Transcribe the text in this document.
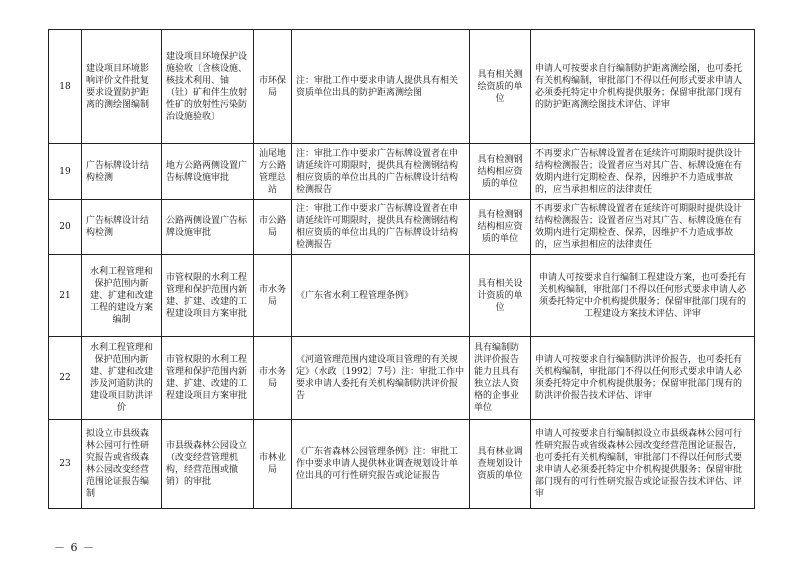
18	建设项目环境影响评价文件批复要求设置防护距离的测绘图编制	建设项目环境保护设施验收〔含核设施、核技术利用、铀（钍）矿和伴生放射性矿的放射性污染防治设施验收〕	市环保局	注：审批工作中要求申请人提供具有相关资质单位出具的防护距离测绘图	具有相关测绘资质的单位	申请人可按要求自行编制防护距离测绘图，也可委托有关机构编制，审批部门不得以任何形式要求申请人必须委托特定中介机构提供服务；保留审批部门现有的防护距离测绘图技术评估、评审
19	广告标牌设计结构检测	地方公路两侧设置广告标牌设施审批	汕尾地方公路管理总站	注：审批工作中要求广告标牌设置者在申请延续许可期限时，提供具有检测钢结构相应资质的单位出具的广告标牌设计结构检测报告	具有检测钢结构相应资质的单位	不再要求广告标牌设置者在延续许可期限时提供设计结构检测报告；设置者应当对其广告、标牌设施在有效期内进行定期检查、保养，因维护不力造成事故的，应当承担相应的法律责任
20	广告标牌设计结构检测	公路两侧设置广告标牌设施审批	市公路局	注：审批工作中要求广告标牌设置者在申请延续许可期限时，提供具有检测钢结构相应资质的单位出具的广告标牌设计结构检测报告	具有检测钢结构相应资质的单位	不再要求广告标牌设置者在延续许可期限时提供设计结构检测报告；设置者应当对其广告、标牌设施在有效期内进行定期检查、保养，因维护不力造成事故的，应当承担相应的法律责任
21	水利工程管理和保护范围内新建、扩建和改建工程的建设方案编制	市管权限的水利工程管理和保护范围内新建、扩建、改建的工程建设项目方案审批	市水务局	《广东省水利工程管理条例》	具有相关设计资质的单位	申请人可按要求自行编制工程建设方案，也可委托有关机构编制，审批部门不得以任何形式要求申请人必须委托特定中介机构提供服务；保留审批部门现有的工程建设方案技术评估、评审
22	水利工程管理和保护范围内新建、扩建和改建涉及河道防洪的建设项目防洪评价	市管权限的水利工程管理和保护范围内新建、扩建、改建的工程建设项目方案审批	市水务局	《河道管理范围内建设项目管理的有关规定》（水政〔1992〕7号）注：审批工作中要求申请人委托有关机构编制防洪评价报告	具有编制防洪评价报告能力且具有独立法人资格的企事业单位	申请人可按要求自行编制防洪评价报告，也可委托有关机构编制，审批部门不得以任何形式要求申请人必须委托特定中介机构提供服务；保留审批部门现有的防洪评价报告技术评估、评审
23	拟设立市县级森林公园可行性研究报告或省级森林公园改变经营范围论证报告编制	市县级森林公园设立（改变经营管理机构，经营范围或撤销）的审批	市林业局	《广东省森林公园管理条例》注：审批工作中要求申请人提供林业调查规划设计单位出具的可行性研究报告或论证报告	具有林业调查规划设计资质的单位	申请人可按要求自行编制拟设立市县级森林公园可行性研究报告或省级森林公园改变经营范围论证报告，也可委托有关机构编制，审批部门不得以任何形式要求申请人必须委托特定中介机构提供服务；保留审批部门现有的可行性研究报告或论证报告技术评估、评审
－ 6 －
